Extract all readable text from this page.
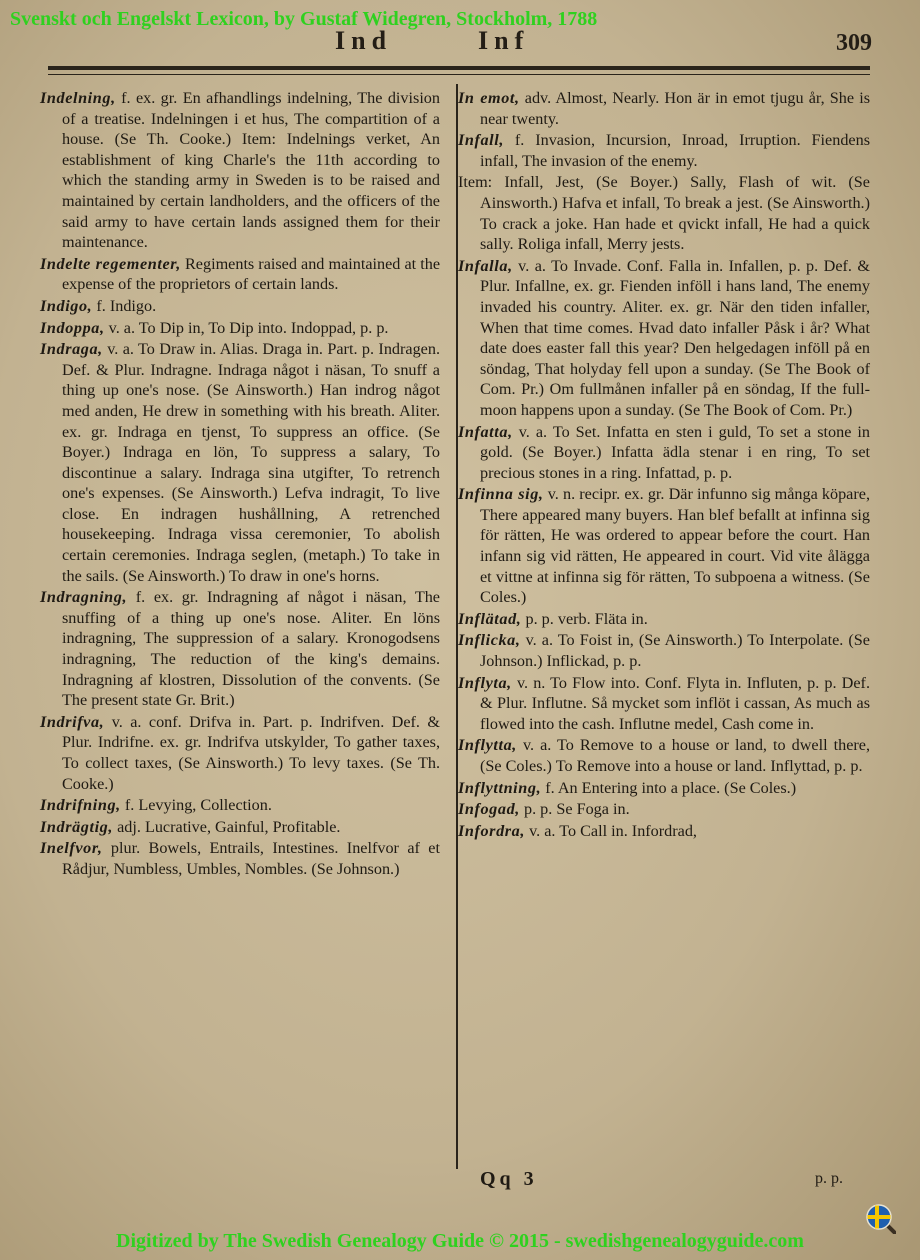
Svenskt och Engelskt Lexicon, by Gustaf Widegren, Stockholm, 1788
Ind	Inf	309
Indelning, f. ex. gr. En afhandlings indelning, The division of a treatise. Indelningen i et hus, The compartition of a house. (Se Th. Cooke.) Item: Indelnings verket, An establishment of king Charle's the 11th according to which the standing army in Sweden is to be raised and maintained by certain landholders, and the officers of the said army to have certain lands assigned them for their maintenance.
Indelte regementer, Regiments raised and maintained at the expense of the proprietors of certain lands.
Indigo, f. Indigo.
Indoppa, v. a. To Dip in, To Dip into. Indoppad, p. p.
Indraga, v. a. To Draw in. Alias. Draga in. Part. p. Indragen. Def. & Plur. Indragne. Indraga något i näsan, To snuff a thing up one's nose. (Se Ainsworth.) Han indrog något med anden, He drew in something with his breath. Aliter. ex. gr. Indraga en tjenst, To suppress an office. (Se Boyer.) Indraga en lön, To suppress a salary, To discontinue a salary. Indraga sina utgifter, To retrench one's expenses. (Se Ainsworth.) Lefva indragit, To live close. En indragen hushållning, A retrenched housekeeping. Indraga vissa ceremonier, To abolish certain ceremonies. Indraga seglen, (metaph.) To take in the sails. (Se Ainsworth.) To draw in one's horns.
Indragning, f. ex. gr. Indragning af något i näsan, The snuffing of a thing up one's nose. Aliter. En löns indragning, The suppression of a salary. Kronogodsens indragning, The reduction of the king's demains. Indragning af klostren, Dissolution of the convents. (Se The present state Gr. Brit.)
Indrifva, v. a. conf. Drifva in. Part. p. Indrifven. Def. & Plur. Indrifne. ex. gr. Indrifva utskylder, To gather taxes, To collect taxes, (Se Ainsworth.) To levy taxes. (Se Th. Cooke.)
Indrifning, f. Levying, Collection.
Indrägtig, adj. Lucrative, Gainful, Profitable.
Inelfvor, plur. Bowels, Entrails, Intestines. Inelfvor af et Rådjur, Numbless, Umbles, Nombles. (Se Johnson.)
In emot, adv. Almost, Nearly. Hon är in emot tjugu år, She is near twenty.
Infall, f. Invasion, Incursion, Inroad, Irruption. Fiendens infall, The invasion of the enemy.
Item: Infall, Jest, (Se Boyer.) Sally, Flash of wit. (Se Ainsworth.) Hafva et infall, To break a jest. (Se Ainsworth.) To crack a joke. Han hade et qvickt infall, He had a quick sally. Roliga infall, Merry jests.
Infalla, v. a. To Invade. Conf. Falla in. Infallen, p. p. Def. & Plur. Infallne, ex. gr. Fienden inföll i hans land, The enemy invaded his country. Aliter. ex. gr. När den tiden infaller, When that time comes. Hvad dato infaller Påsk i år? What date does easter fall this year? Den helgedagen inföll på en söndag, That holyday fell upon a sunday. (Se The Book of Com. Pr.) Om fullmånen infaller på en söndag, If the full-moon happens upon a sunday. (Se The Book of Com. Pr.)
Infatta, v. a. To Set. Infatta en sten i guld, To set a stone in gold. (Se Boyer.) Infatta ädla stenar i en ring, To set precious stones in a ring. Infattad, p. p.
Infinna sig, v. n. recipr. ex. gr. Där infunno sig många köpare, There appeared many buyers. Han blef befallt at infinna sig för rätten, He was ordered to appear before the court. Han infann sig vid rätten, He appeared in court. Vid vite ålägga et vittne at infinna sig för rätten, To subpoena a witness. (Se Coles.)
Inflätad, p. p. verb. Fläta in.
Inflicka, v. a. To Foist in, (Se Ainsworth.) To Interpolate. (Se Johnson.) Inflickad, p. p.
Inflyta, v. n. To Flow into. Conf. Flyta in. Influten, p. p. Def. & Plur. Influtne. Så mycket som inflöt i cassan, As much as flowed into the cash. Influtne medel, Cash come in.
Inflytta, v. a. To Remove to a house or land, to dwell there, (Se Coles.) To Remove into a house or land. Inflyttad, p. p.
Inflyttning, f. An Entering into a place. (Se Coles.)
Infogad, p. p. Se Foga in.
Infordra, v. a. To Call in. Infordrad,
Qq 3	p. p.
Digitized by The Swedish Genealogy Guide © 2015 - swedishgenealogyguide.com
